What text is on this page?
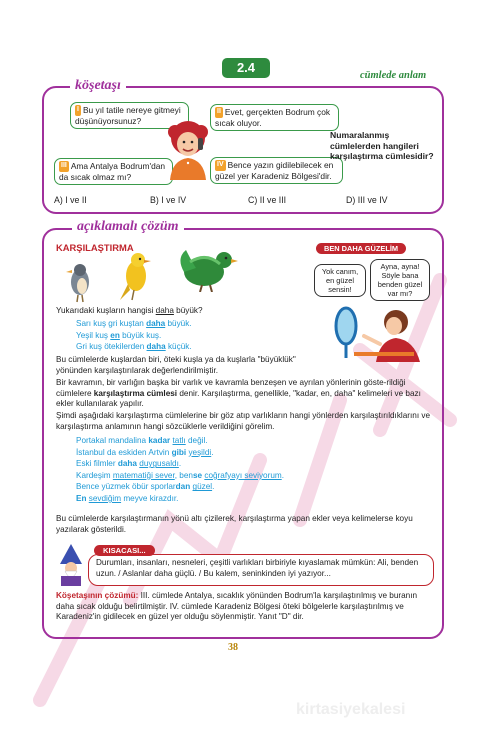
2.4
cümlede anlam
köşetaşı
I Bu yıl tatile nereye gitmeyi düşünüyorsunuz?
II Evet, gerçekten Bodrum çok sıcak oluyor.
III Ama Antalya Bodrum'dan da sıcak olmaz mı?
IV Bence yazın gidilebilecek en güzel yer Karadeniz Bölgesi'dir.
Numaralanmış cümlelerden hangileri karşılaştırma cümlesidir?
A) I ve II	B) I ve IV	C) II ve III	D) III ve IV
açıklamalı çözüm
KARŞILAŞTIRMA	BEN DAHA GÜZELİM
Yok canım, en güzel sensin!
Ayna, ayna! Söyle bana benden güzel var mı?
Yukarıdaki kuşların hangisi daha büyük?
Sarı kuş gri kuştan daha büyük.
Yeşil kuş en büyük kuş.
Gri kuş ötekilerden daha küçük.
Bu cümlelerde kuşlardan biri, öteki kuşla ya da kuşlarla "büyüklük" yönünden karşılaştırılarak değerlendirilmiştir.
Bir kavramın, bir varlığın başka bir varlık ve kavramla benzeşen ve ayrılan yönlerinin göste-rildiği cümlelere karşılaştırma cümlesi denir. Karşılaştırma, genellikle, "kadar, en, daha" kelimeleri ve bazı ekler kullanılarak yapılır.
Şimdi aşağıdaki karşılaştırma cümlelerine bir göz atıp varlıkların hangi yönlerden karşılaştırıldıklarını ve karşılaştırma anlamının hangi sözcüklerle verildiğini görelim.
Portakal mandalina kadar tatlı değil.
İstanbul da eskiden Artvin gibi yeşildi.
Eski filmler daha duygusaldı.
Kardeşim matematiği sever, bense coğrafyayı seviyorum.
Bence yüzmek öbür sporlardan güzel.
En sevdiğim meyve kirazdır.
Bu cümlelerde karşılaştırmanın yönü altı çizilerek, karşılaştırma yapan ekler veya kelimelerse koyu yazılarak gösterildi.
KISACASI...
Durumları, insanları, nesneleri, çeşitli varlıkları birbiriyle kıyaslamak mümkün: Ali, benden uzun. / Aslanlar daha güçlü. / Bu kalem, seninkinden iyi yazıyor...
Köşetaşının çözümü: III. cümlede Antalya, sıcaklık yönünden Bodrum'la karşılaştırılmış ve buranın daha sıcak olduğu belirtilmiştir. IV. cümlede Karadeniz Bölgesi öteki bölgelerle karşılaştırılmış ve Karadeniz'in gidilecek en güzel yer olduğu söylenmiştir. Yanıt "D" dir.
38
kirtasiyekalesi
